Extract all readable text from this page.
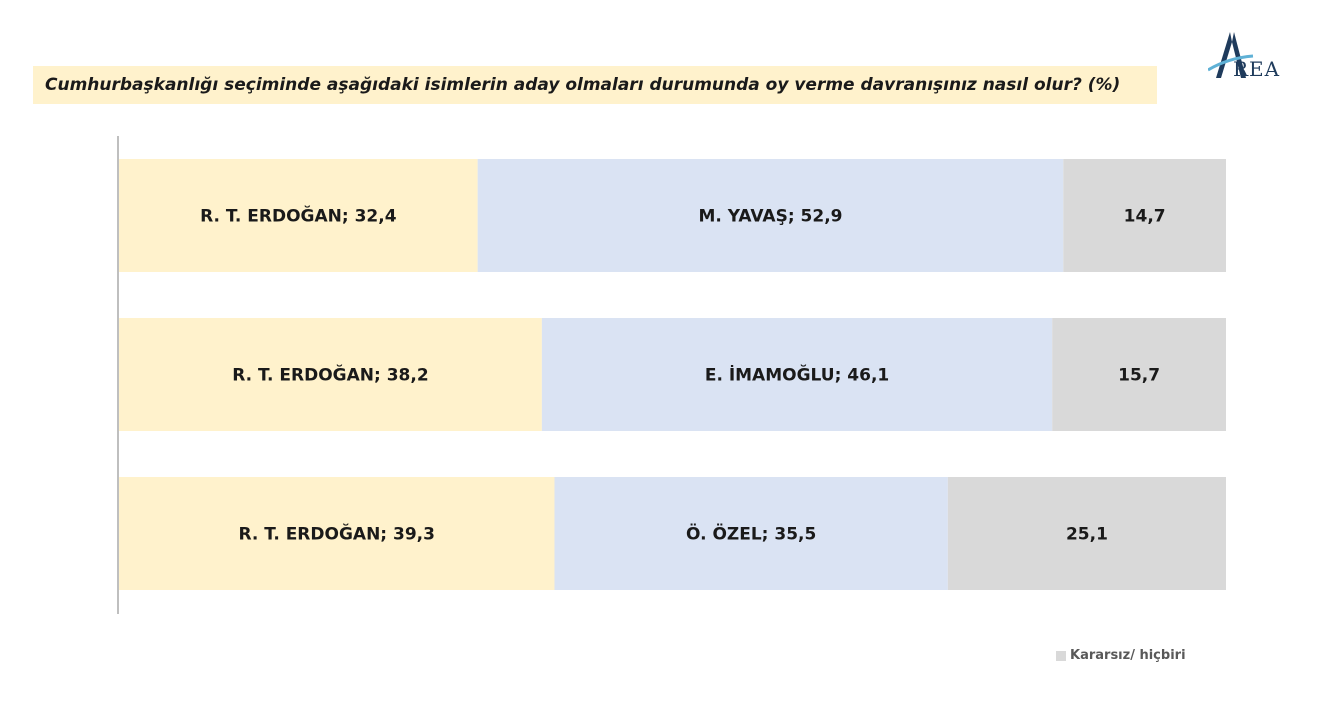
Cumhurbaşkanlığı seçiminde aşağıdaki isimlerin aday olmaları durumunda oy verme davranışınız nasıl olur? (%)
REA
R. T. ERDOĞAN; 32,4	M. YAVAŞ; 52,9	14,7
R. T. ERDOĞAN; 38,2	E. İMAMOĞLU; 46,1	15,7
R. T. ERDOĞAN; 39,3	Ö. ÖZEL; 35,5	25,1
Kararsız/ hiçbiri
